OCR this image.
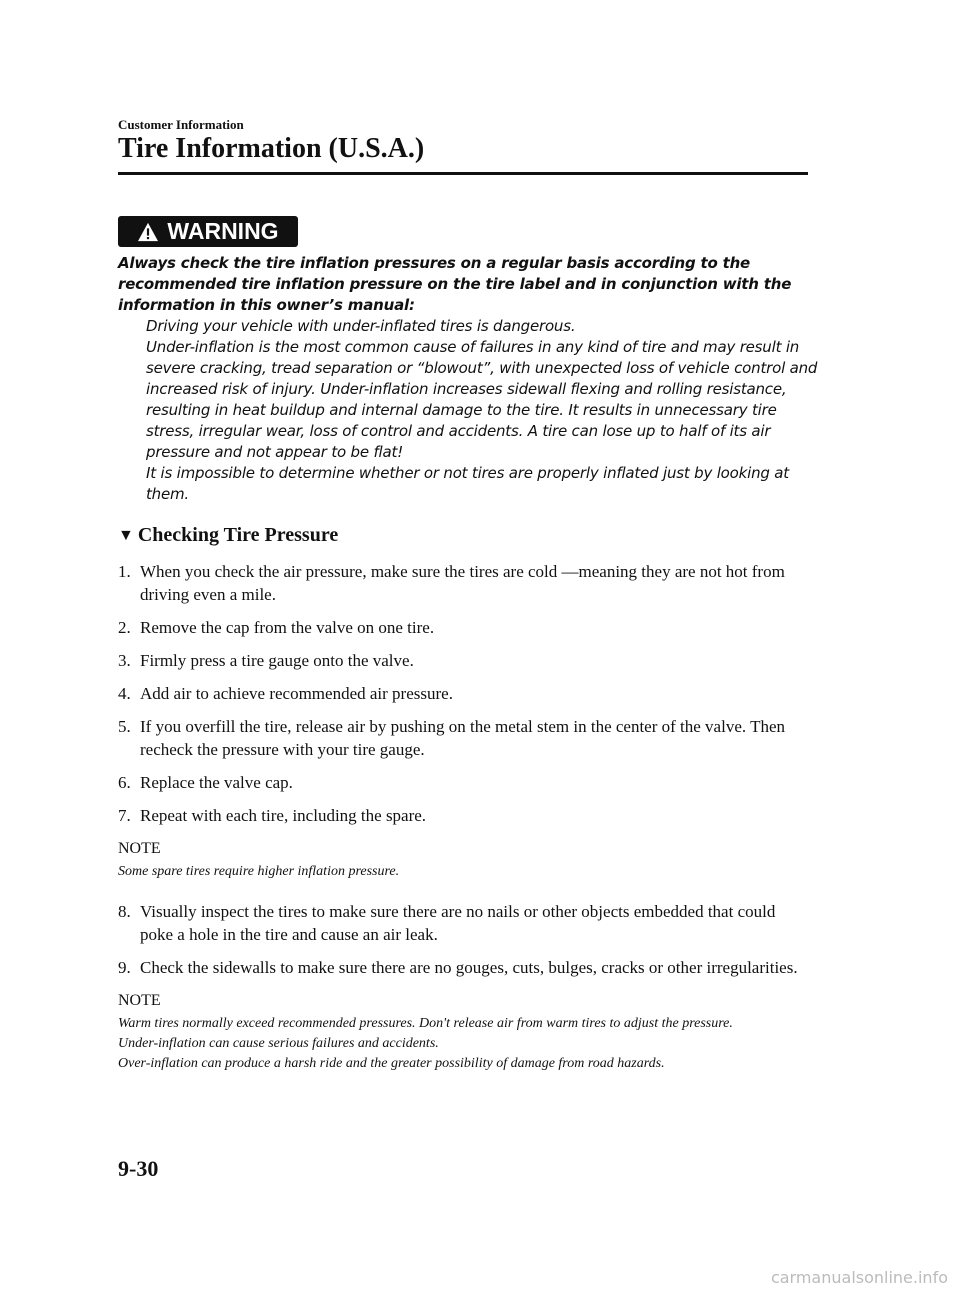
Customer Information
Tire Information (U.S.A.)
WARNING
Always check the tire inflation pressures on a regular basis according to the recommended tire inflation pressure on the tire label and in conjunction with the information in this owner’s manual:
Driving your vehicle with under-inflated tires is dangerous.
Under-inflation is the most common cause of failures in any kind of tire and may result in severe cracking, tread separation or “blowout”, with unexpected loss of vehicle control and increased risk of injury. Under-inflation increases sidewall flexing and rolling resistance, resulting in heat buildup and internal damage to the tire. It results in unnecessary tire stress, irregular wear, loss of control and accidents. A tire can lose up to half of its air pressure and not appear to be flat!
It is impossible to determine whether or not tires are properly inflated just by looking at them.
▼ Checking Tire Pressure
1. When you check the air pressure, make sure the tires are cold —meaning they are not hot from driving even a mile.
2. Remove the cap from the valve on one tire.
3. Firmly press a tire gauge onto the valve.
4. Add air to achieve recommended air pressure.
5. If you overfill the tire, release air by pushing on the metal stem in the center of the valve. Then recheck the pressure with your tire gauge.
6. Replace the valve cap.
7. Repeat with each tire, including the spare.
NOTE
Some spare tires require higher inflation pressure.
8. Visually inspect the tires to make sure there are no nails or other objects embedded that could poke a hole in the tire and cause an air leak.
9. Check the sidewalls to make sure there are no gouges, cuts, bulges, cracks or other irregularities.
NOTE
Warm tires normally exceed recommended pressures. Don't release air from warm tires to adjust the pressure.
Under-inflation can cause serious failures and accidents.
Over-inflation can produce a harsh ride and the greater possibility of damage from road hazards.
9-30
carmanualsonline.info
